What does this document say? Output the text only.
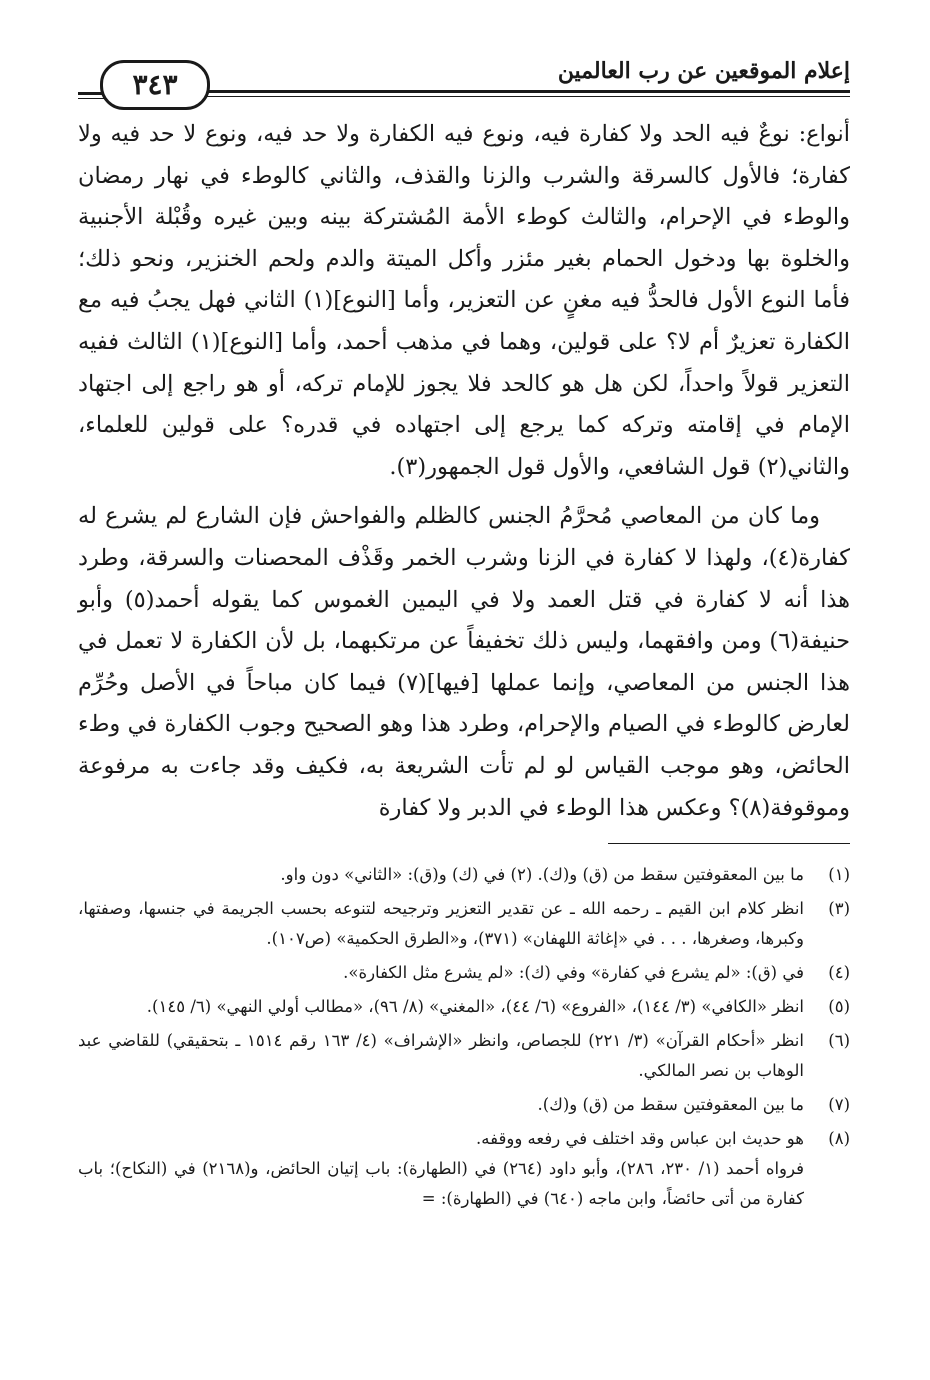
إعلام الموقعين عن رب العالمين
٣٤٣

أنواع: نوعٌ فيه الحد ولا كفارة فيه، ونوع فيه الكفارة ولا حد فيه، ونوع لا حد فيه ولا كفارة؛ فالأول كالسرقة والشرب والزنا والقذف، والثاني كالوطء في نهار رمضان والوطء في الإحرام، والثالث كوطء الأمة المُشتركة بينه وبين غيره وقُبْلة الأجنبية والخلوة بها ودخول الحمام بغير مئزر وأكل الميتة والدم ولحم الخنزير، ونحو ذلك؛ فأما النوع الأول فالحدُّ فيه مغنٍ عن التعزير، وأما [النوع](١) الثاني فهل يجبُ فيه مع الكفارة تعزيرٌ أم لا؟ على قولين، وهما في مذهب أحمد، وأما [النوع](١) الثالث ففيه التعزير قولاً واحداً، لكن هل هو كالحد فلا يجوز للإمام تركه، أو هو راجع إلى اجتهاد الإمام في إقامته وتركه كما يرجع إلى اجتهاده في قدره؟ على قولين للعلماء، والثاني(٢) قول الشافعي، والأول قول الجمهور(٣).

وما كان من المعاصي مُحرَّمُ الجنس كالظلم والفواحش فإن الشارع لم يشرع له كفارة(٤)، ولهذا لا كفارة في الزنا وشرب الخمر وقَذْف المحصنات والسرقة، وطرد هذا أنه لا كفارة في قتل العمد ولا في اليمين الغموس كما يقوله أحمد(٥) وأبو حنيفة(٦) ومن وافقهما، وليس ذلك تخفيفاً عن مرتكبهما، بل لأن الكفارة لا تعمل في هذا الجنس من المعاصي، وإنما عملها [فيها](٧) فيما كان مباحاً في الأصل وحُرِّم لعارض كالوطء في الصيام والإحرام، وطرد هذا وهو الصحيح وجوب الكفارة في وطء الحائض، وهو موجب القياس لو لم تأت الشريعة به، فكيف وقد جاءت به مرفوعة وموقوفة(٨)؟ وعكس هذا الوطء في الدبر ولا كفارة

(١)
ما بين المعقوفتين سقط من (ق) و(ك). (٢) في (ك) و(ق): «الثاني» دون واو.
(٣)
انظر كلام ابن القيم ـ رحمه الله ـ عن تقدير التعزير وترجيحه لتنوعه بحسب الجريمة في جنسها، وصفتها، وكبرها، وصغرها، . . . في «إغاثة اللهفان» (٣٧١)، و«الطرق الحكمية» (ص١٠٧).
(٤)
في (ق): «لم يشرع في كفارة» وفي (ك): «لم يشرع مثل الكفارة».
(٥)
انظر «الكافي» (٣/ ١٤٤)، «الفروع» (٦/ ٤٤)، «المغني» (٨/ ٩٦)، «مطالب أولي النهي» (٦/ ١٤٥).
(٦)
انظر «أحكام القرآن» (٣/ ٢٢١) للجصاص، وانظر «الإشراف» (٤/ ١٦٣ رقم ١٥١٤ ـ بتحقيقي) للقاضي عبد الوهاب بن نصر المالكي.
(٧)
ما بين المعقوفتين سقط من (ق) و(ك).
(٨)
هو حديث ابن عباس وقد اختلف في رفعه ووقفه.
فرواه أحمد (١/ ٢٣٠، ٢٨٦)، وأبو داود (٢٦٤) في (الطهارة): باب إتيان الحائض، و(٢١٦٨) في (النكاح)؛ باب كفارة من أتى حائضاً، وابن ماجه (٦٤٠) في (الطهارة): =
